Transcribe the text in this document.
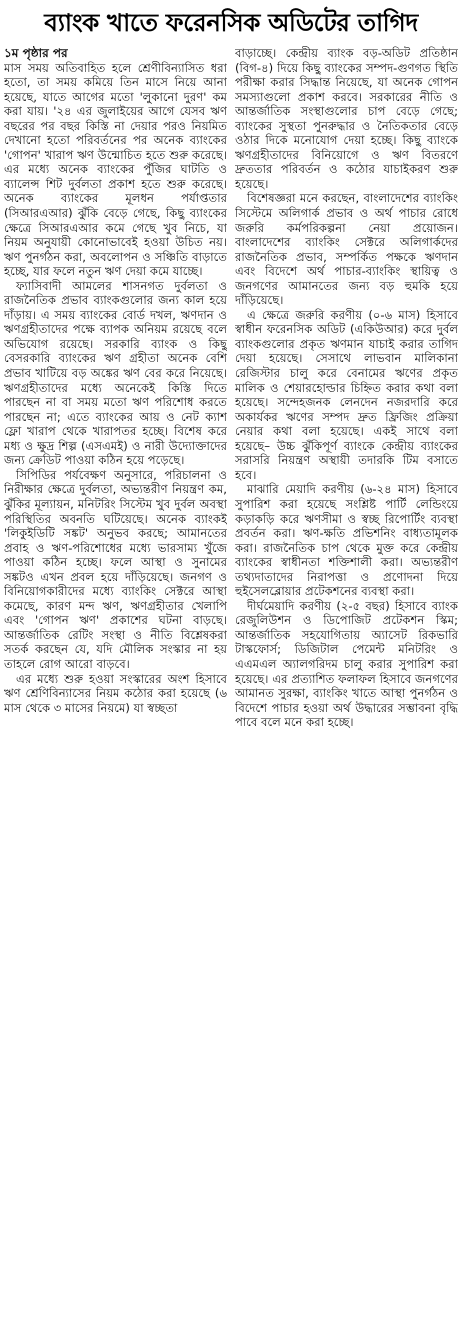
ব্যাংক খাতে ফরেনসিক অডিটের তাগিদ
১ম পৃষ্ঠার পর

মাস সময় অতিবাহিত হলে শ্রেণীবিন্যাসিত ধরা হতো, তা সময় কমিয়ে তিন মাসে নিয়ে আনা হয়েছে, যাতে আগের মতো 'লুকানো দুরণ' কম করা যায়। '২৪ এর জুলাইয়ের আগে যেসব ঋণ বছরের পর বছর কিস্তি না দেয়ার পরও নিয়মিত দেখানো হতো পরিবর্তনের পর অনেক ব্যাংকের 'গোপন' খারাপ ঋণ উন্মোচিত হতে শুরু করেছে। এর মধ্যে অনেক ব্যাংকের পুঁজির ঘাটতি ও ব্যালেন্স শিট দুর্বলতা প্রকাশ হতে শুরু করেছে। অনেক ব্যাংকের মূলধন পর্যাপ্ততার (সিআরএআর) ঝুঁকি বেড়ে গেছে, কিছু ব্যাংকের ক্ষেত্রে সিআরএআর কমে গেছে খুব নিচে, যা নিয়ম অনুযায়ী কোনোভাবেই হওয়া উচিত নয়। ঋণ পুনর্গঠন করা, অবলোপন ও সঞ্চিতি বাড়াতে হচ্ছে, যার ফলে নতুন ঋণ দেয়া কমে যাচ্ছে।

ফ্যাসিবাদী আমলের শাসনগত দুর্বলতা ও রাজনৈতিক প্রভাব ব্যাংকগুলোর জন্য কাল হয়ে দাঁড়ায়। এ সময় ব্যাংকের বোর্ড দখল, ঋণদান ও ঋণগ্রহীতাদের পক্ষে ব্যাপক অনিয়ম রয়েছে বলে অভিযোগ রয়েছে। সরকারি ব্যাংক ও কিছু বেসরকারি ব্যাংকের ঋণ গ্রহীতা অনেক বেশি প্রভাব খাটিয়ে বড় অঙ্কের ঋণ বের করে নিয়েছে। ঋণগ্রহীতাদের মধ্যে অনেকেই কিস্তি দিতে পারছেন না বা সময় মতো ঋণ পরিশোধ করতে পারছেন না; এতে ব্যাংকের আয় ও নেট ক্যাশ ফ্লো খারাপ থেকে খারাপতর হচ্ছে। বিশেষ করে মধ্য ও ক্ষুদ্র শিল্প (এসএমই) ও নারী উদ্যোক্তাদের জন্য ক্রেডিট পাওয়া কঠিন হয়ে পড়েছে।

সিপিডির পর্যবেক্ষণ অনুসারে, পরিচালনা ও নিরীক্ষার ক্ষেত্রে দুর্বলতা, অভ্যন্তরীণ নিয়ন্ত্রণ কম, ঝুঁকির মূল্যায়ন, মনিটরিং সিস্টেম খুব দুর্বল অবস্থা পরিস্থিতির অবনতি ঘটিয়েছে। অনেক ব্যাংকই 'লিকুইডিটি সঙ্কট' অনুভব করছে; আমানতের প্রবাহ ও ঋণ-পরিশোধের মধ্যে ভারসাম্য খুঁজে পাওয়া কঠিন হচ্ছে। ফলে আস্থা ও সুনামের সঙ্কটও এখন প্রবল হয়ে দাঁড়িয়েছে। জনগণ ও বিনিয়োগকারীদের মধ্যে ব্যাংকিং সেক্টরে আস্থা কমেছে, কারণ মন্দ ঋণ, ঋণগ্রহীতার খেলাপি এবং 'গোপন ঋণ' প্রকাশের ঘটনা বাড়ছে। আন্তর্জাতিক রেটিং সংস্থা ও নীতি বিশ্লেষকরা সতর্ক করছেন যে, যদি মৌলিক সংস্কার না হয় তাহলে রোগ আরো বাড়বে।

এর মধ্যে শুরু হওয়া সংস্কারের অংশ হিসাবে ঋণ শ্রেণিবিন্যাসের নিয়ম কঠোর করা হয়েছে (৬ মাস থেকে ৩ মাসের নিয়মে) যা স্বচ্ছতা

বাড়াচ্ছে। কেন্দ্রীয় ব্যাংক বড়-অডিট প্রতিষ্ঠান (বিগ-৪) দিয়ে কিছু ব্যাংকের সম্পদ-গুণগত স্থিতি পরীক্ষা করার সিদ্ধান্ত নিয়েছে, যা অনেক গোপন সমস্যাগুলো প্রকাশ করবে। সরকারের নীতি ও আন্তর্জাতিক সংস্থাগুলোর চাপ বেড়ে গেছে; ব্যাংকের সুস্থতা পুনরুদ্ধার ও নৈতিকতার বেড়ে ওঠার দিকে মনোযোগ দেয়া হচ্ছে। কিছু ব্যাংকে ঋণগ্রহীতাদের বিনিয়োগে ও ঋণ বিতরণে দ্রুততার পরিবর্তন ও কঠোর যাচাইকরণ শুরু হয়েছে।

বিশেষজ্ঞরা মনে করছেন, বাংলাদেশের ব্যাংকিং সিস্টেমে অলিগার্ক প্রভাব ও অর্থ পাচার রোধে জরুরি কর্মপরিকল্পনা নেয়া প্রয়োজন। বাংলাদেশের ব্যাংকিং সেক্টরে অলিগার্কদের রাজনৈতিক প্রভাব, সম্পর্কিত পক্ষকে ঋণদান এবং বিদেশে অর্থ পাচার-ব্যাংকিং স্থায়িত্ব ও জনগণের আমানতের জন্য বড় হুমকি হয়ে দাঁড়িয়েছে।

এ ক্ষেত্রে জরুরি করণীয় (০-৬ মাস) হিসাবে স্বাধীন ফরেনসিক অডিট (একিউআর) করে দুর্বল ব্যাংকগুলোর প্রকৃত ঋণমান যাচাই করার তাগিদ দেয়া হয়েছে। সেসাথে লাভবান মালিকানা রেজিস্টার চালু করে বেনামের ঋণের প্রকৃত মালিক ও শেয়ারহোল্ডার চিহ্নিত করার কথা বলা হয়েছে। সন্দেহজনক লেনদেন নজরদারি করে অকার্যকর ঋণের সম্পদ দ্রুত ফ্রিজিং প্রক্রিয়া নেয়ার কথা বলা হয়েছে। একই সাথে বলা হয়েছে– উচ্চ ঝুঁকিপূর্ণ ব্যাংকে কেন্দ্রীয় ব্যাংকের সরাসরি নিয়ন্ত্রণ অস্থায়ী তদারকি টিম বসাতে হবে।

মাঝারি মেয়াদি করণীয় (৬-২৪ মাস) হিসাবে সুপারিশ করা হয়েছে সংশ্লিষ্ট পার্টি লেন্ডিংয়ে কড়াকড়ি করে ঋণসীমা ও স্বচ্ছ রিপোর্টিং ব্যবস্থা প্রবর্তন করা। ঋণ-ক্ষতি প্রভিশনিং বাধ্যতামূলক করা। রাজনৈতিক চাপ থেকে মুক্ত করে কেন্দ্রীয় ব্যাংকের স্বাধীনতা শক্তিশালী করা। অভ্যন্তরীণ তথ্যদাতাদের নিরাপত্তা ও প্রণোদনা দিয়ে হুইসেলব্লোয়ার প্রটেকশনের ব্যবস্থা করা।

দীর্ঘমেয়াদি করণীয় (২-৫ বছর) হিসাবে ব্যাংক রেজুলিউশন ও ডিপোজিট প্রটেকশন স্কিম; আন্তর্জাতিক সহযোগিতায় অ্যাসেট রিকভারি টাস্কফোর্স; ডিজিটাল পেমেন্ট মনিটরিং ও এএমএল অ্যালগরিদম চালু করার সুপারিশ করা হয়েছে। এর প্রত্যাশিত ফলাফল হিসাবে জনগণের আমানত সুরক্ষা, ব্যাংকিং খাতে আস্থা পুনর্গঠন ও বিদেশে পাচার হওয়া অর্থ উদ্ধারের সম্ভাবনা বৃদ্ধি পাবে বলে মনে করা হচ্ছে।
